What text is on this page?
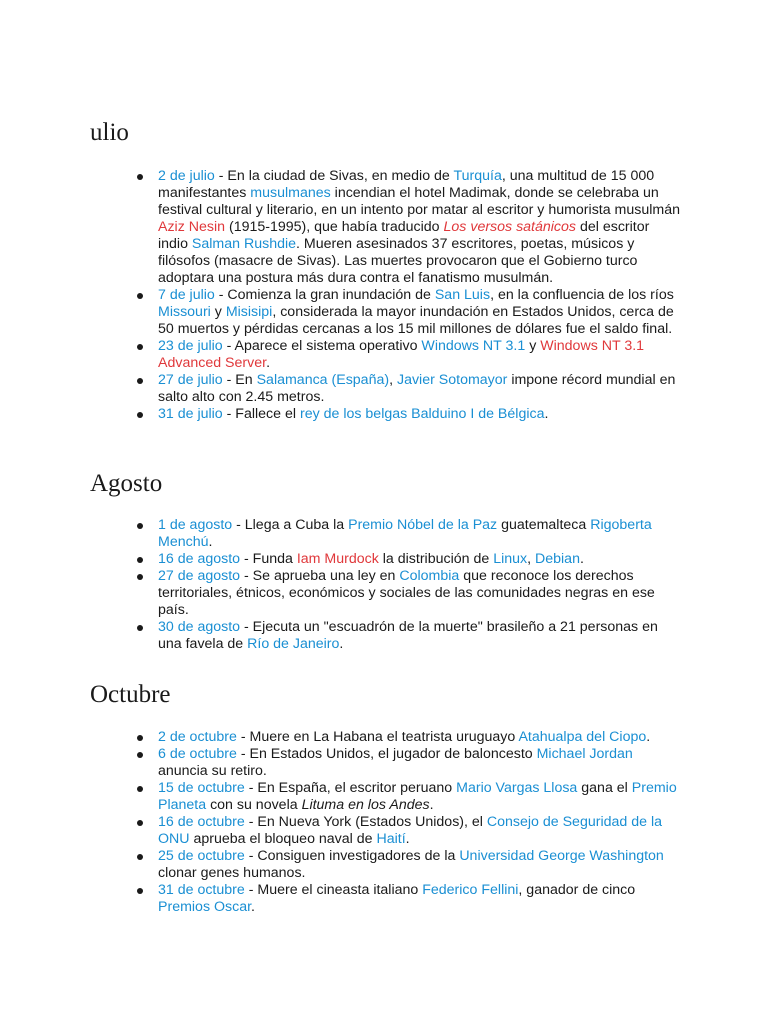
ulio
2 de julio - En la ciudad de Sivas, en medio de Turquía, una multitud de 15 000 manifestantes musulmanes incendian el hotel Madimak, donde se celebraba un festival cultural y literario, en un intento por matar al escritor y humorista musulmán Aziz Nesin (1915-1995), que había traducido Los versos satánicos del escritor indio Salman Rushdie. Mueren asesinados 37 escritores, poetas, músicos y filósofos (masacre de Sivas). Las muertes provocaron que el Gobierno turco adoptara una postura más dura contra el fanatismo musulmán.
7 de julio - Comienza la gran inundación de San Luis, en la confluencia de los ríos Missouri y Misisipi, considerada la mayor inundación en Estados Unidos, cerca de 50 muertos y pérdidas cercanas a los 15 mil millones de dólares fue el saldo final.
23 de julio - Aparece el sistema operativo Windows NT 3.1 y Windows NT 3.1 Advanced Server.
27 de julio - En Salamanca (España), Javier Sotomayor impone récord mundial en salto alto con 2.45 metros.
31 de julio - Fallece el rey de los belgas Balduino I de Bélgica.
Agosto
1 de agosto - Llega a Cuba la Premio Nóbel de la Paz guatemalteca Rigoberta Menchú.
16 de agosto - Funda Iam Murdock la distribución de Linux, Debian.
27 de agosto - Se aprueba una ley en Colombia que reconoce los derechos territoriales, étnicos, económicos y sociales de las comunidades negras en ese país.
30 de agosto - Ejecuta un "escuadrón de la muerte" brasileño a 21 personas en una favela de Río de Janeiro.
Octubre
2 de octubre - Muere en La Habana el teatrista uruguayo Atahualpa del Ciopo.
6 de octubre - En Estados Unidos, el jugador de baloncesto Michael Jordan anuncia su retiro.
15 de octubre - En España, el escritor peruano Mario Vargas Llosa gana el Premio Planeta con su novela Lituma en los Andes.
16 de octubre - En Nueva York (Estados Unidos), el Consejo de Seguridad de la ONU aprueba el bloqueo naval de Haití.
25 de octubre - Consiguen investigadores de la Universidad George Washington clonar genes humanos.
31 de octubre - Muere el cineasta italiano Federico Fellini, ganador de cinco Premios Oscar.
